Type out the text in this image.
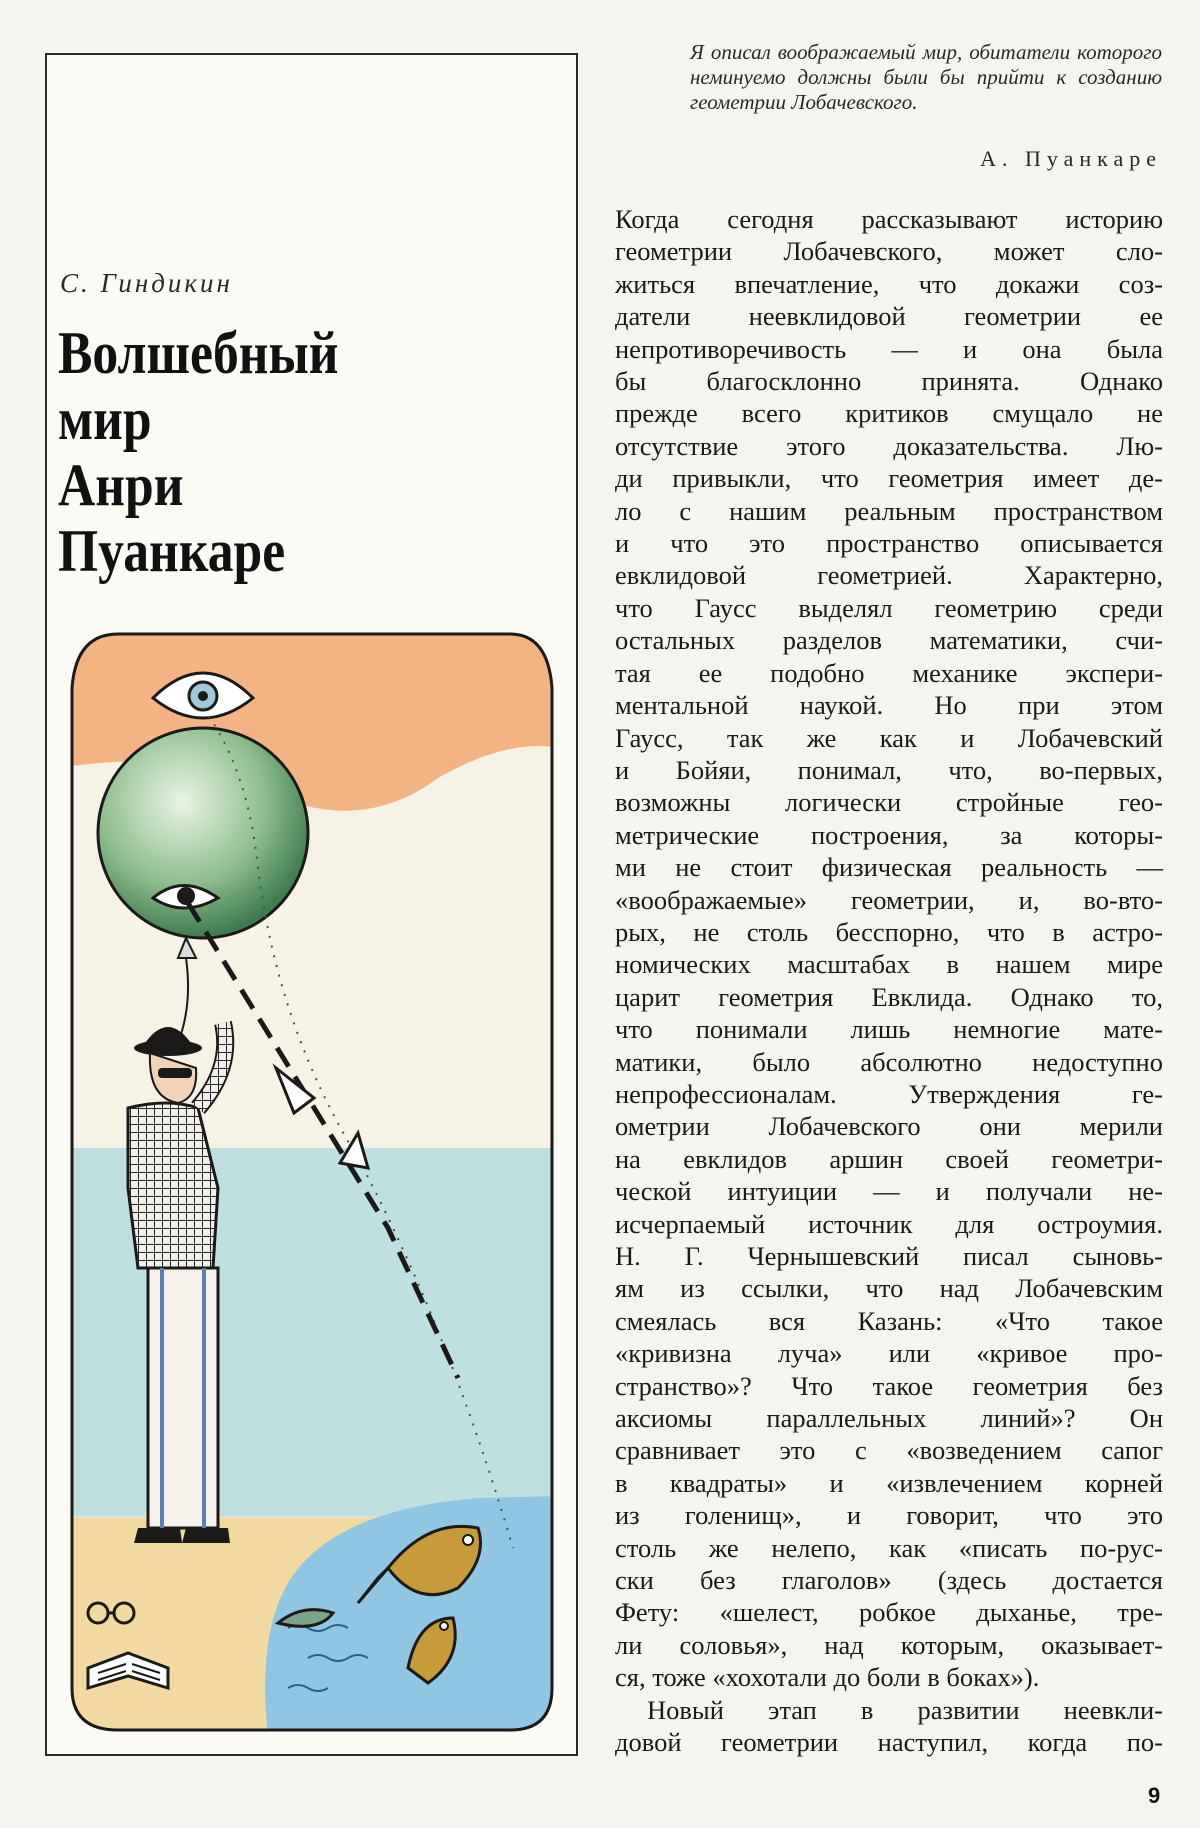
С. Гиндикин
Волшебный
мир
Анри
Пуанкаре
Я описал воображаемый мир, обитатели которого неминуемо должны были бы прийти к созданию геометрии Лобачевского.
А. Пуанкаре
Когда сегодня рассказывают историю
геометрии Лобачевского, может сло-
житься впечатление, что докажи соз-
датели неевклидовой геометрии ее
непротиворечивость — и она была
бы благосклонно принята. Однако
прежде всего критиков смущало не
отсутствие этого доказательства. Лю-
ди привыкли, что геометрия имеет де-
ло с нашим реальным пространством
и что это пространство описывается
евклидовой геометрией. Характерно,
что Гаусс выделял геометрию среди
остальных разделов математики, счи-
тая ее подобно механике экспери-
ментальной наукой. Но при этом
Гаусс, так же как и Лобачевский
и Бойяи, понимал, что, во-первых,
возможны логически стройные гео-
метрические построения, за которы-
ми не стоит физическая реальность —
«воображаемые» геометрии, и, во-вто-
рых, не столь бесспорно, что в астро-
номических масштабах в нашем мире
царит геометрия Евклида. Однако то,
что понимали лишь немногие мате-
матики, было абсолютно недоступно
непрофессионалам. Утверждения ге-
ометрии Лобачевского они мерили
на евклидов аршин своей геометри-
ческой интуиции — и получали не-
исчерпаемый источник для остроумия.
Н. Г. Чернышевский писал сыновь-
ям из ссылки, что над Лобачевским
смеялась вся Казань: «Что такое
«кривизна луча» или «кривое про-
странство»? Что такое геометрия без
аксиомы параллельных линий»? Он
сравнивает это с «возведением сапог
в квадраты» и «извлечением корней
из голенищ», и говорит, что это
столь же нелепо, как «писать по-рус-
ски без глаголов» (здесь достается
Фету: «шелест, робкое дыханье, тре-
ли соловья», над которым, оказывает-
ся, тоже «хохотали до боли в боках»).
Новый этап в развитии неевкли-
довой геометрии наступил, когда по-
9
